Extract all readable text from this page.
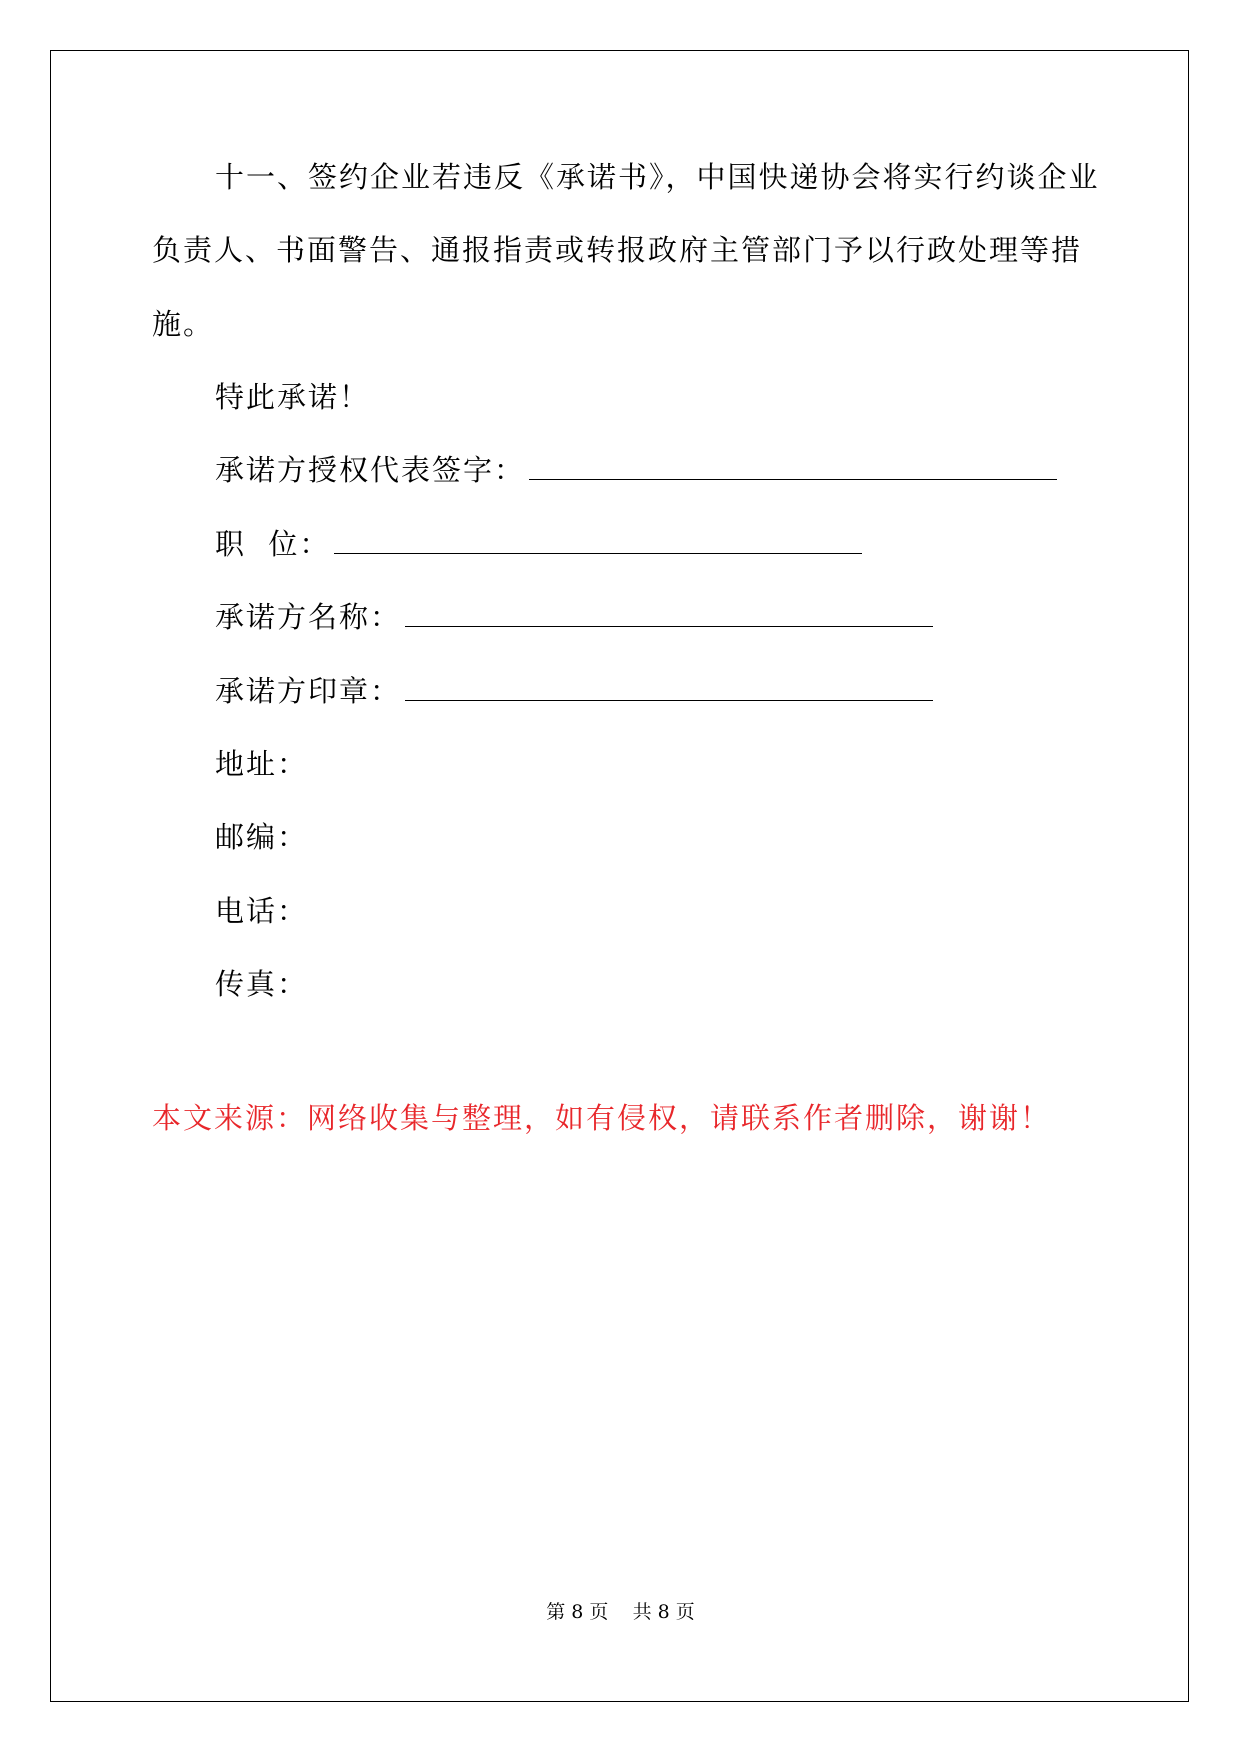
十一、签约企业若违反《承诺书》，中国快递协会将实行约谈企业
负责人、书面警告、通报指责或转报政府主管部门予以行政处理等措
施。
特此承诺！
承诺方授权代表签字：
职  位：
承诺方名称：
承诺方印章：
地址：
邮编：
电话：
传真：
本文来源：网络收集与整理，如有侵权，请联系作者删除，谢谢！
第 8 页    共 8 页
